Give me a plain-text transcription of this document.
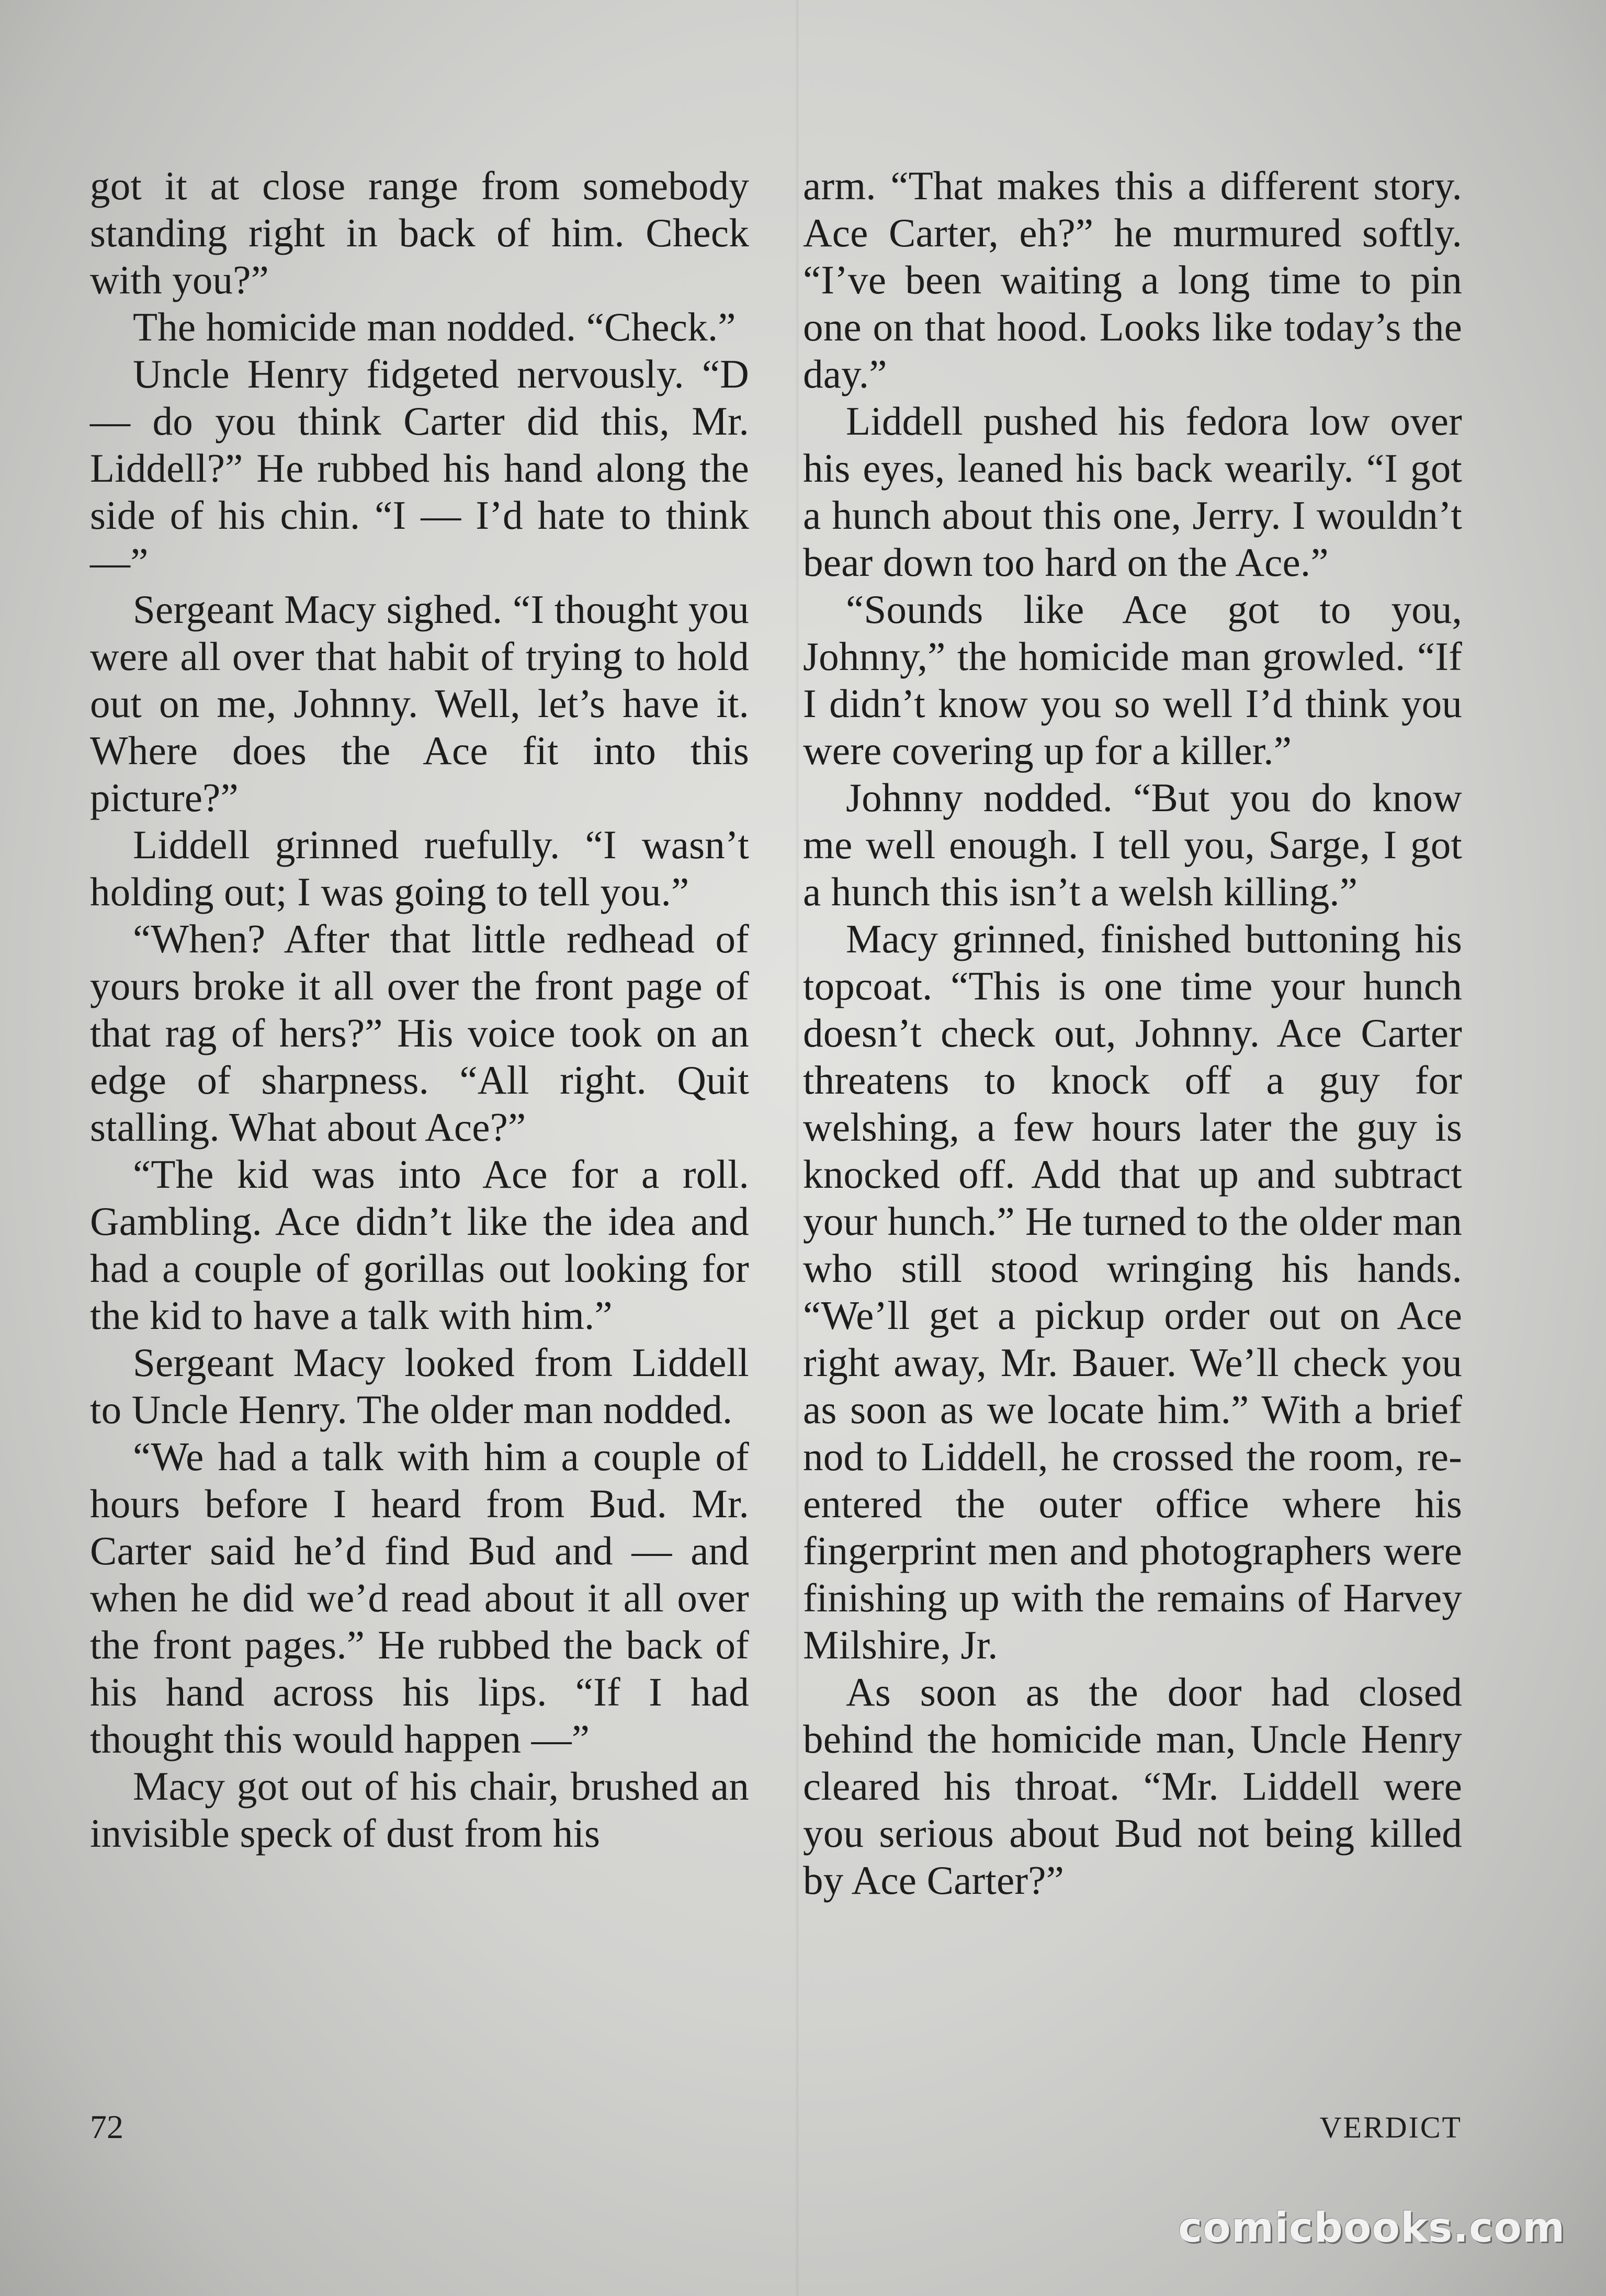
got it at close range from somebody standing right in back of him. Check with you?”

The homicide man nodded. “Check.”

Uncle Henry fidgeted nervously. “D — do you think Carter did this, Mr. Liddell?” He rubbed his hand along the side of his chin. “I — I’d hate to think —”

Sergeant Macy sighed. “I thought you were all over that habit of trying to hold out on me, Johnny. Well, let’s have it. Where does the Ace fit into this picture?”

Liddell grinned ruefully. “I wasn’t holding out; I was going to tell you.”

“When? After that little redhead of yours broke it all over the front page of that rag of hers?” His voice took on an edge of sharpness. “All right. Quit stalling. What about Ace?”

“The kid was into Ace for a roll. Gambling. Ace didn’t like the idea and had a couple of gorillas out looking for the kid to have a talk with him.”

Sergeant Macy looked from Liddell to Uncle Henry. The older man nodded.

“We had a talk with him a couple of hours before I heard from Bud. Mr. Carter said he’d find Bud and — and when he did we’d read about it all over the front pages.” He rubbed the back of his hand across his lips. “If I had thought this would happen —”

Macy got out of his chair, brushed an invisible speck of dust from his

arm. “That makes this a different story. Ace Carter, eh?” he murmured softly. “I’ve been waiting a long time to pin one on that hood. Looks like today’s the day.”

Liddell pushed his fedora low over his eyes, leaned his back wearily. “I got a hunch about this one, Jerry. I wouldn’t bear down too hard on the Ace.”

“Sounds like Ace got to you, Johnny,” the homicide man growled. “If I didn’t know you so well I’d think you were covering up for a killer.”

Johnny nodded. “But you do know me well enough. I tell you, Sarge, I got a hunch this isn’t a welsh killing.”

Macy grinned, finished buttoning his topcoat. “This is one time your hunch doesn’t check out, Johnny. Ace Carter threatens to knock off a guy for welshing, a few hours later the guy is knocked off. Add that up and subtract your hunch.” He turned to the older man who still stood wringing his hands. “We’ll get a pickup order out on Ace right away, Mr. Bauer. We’ll check you as soon as we locate him.” With a brief nod to Liddell, he crossed the room, re-entered the outer office where his fingerprint men and photographers were finishing up with the remains of Harvey Milshire, Jr.

As soon as the door had closed behind the homicide man, Uncle Henry cleared his throat. “Mr. Liddell were you serious about Bud not being killed by Ace Carter?”

72	VERDICT
comicbooks.com
